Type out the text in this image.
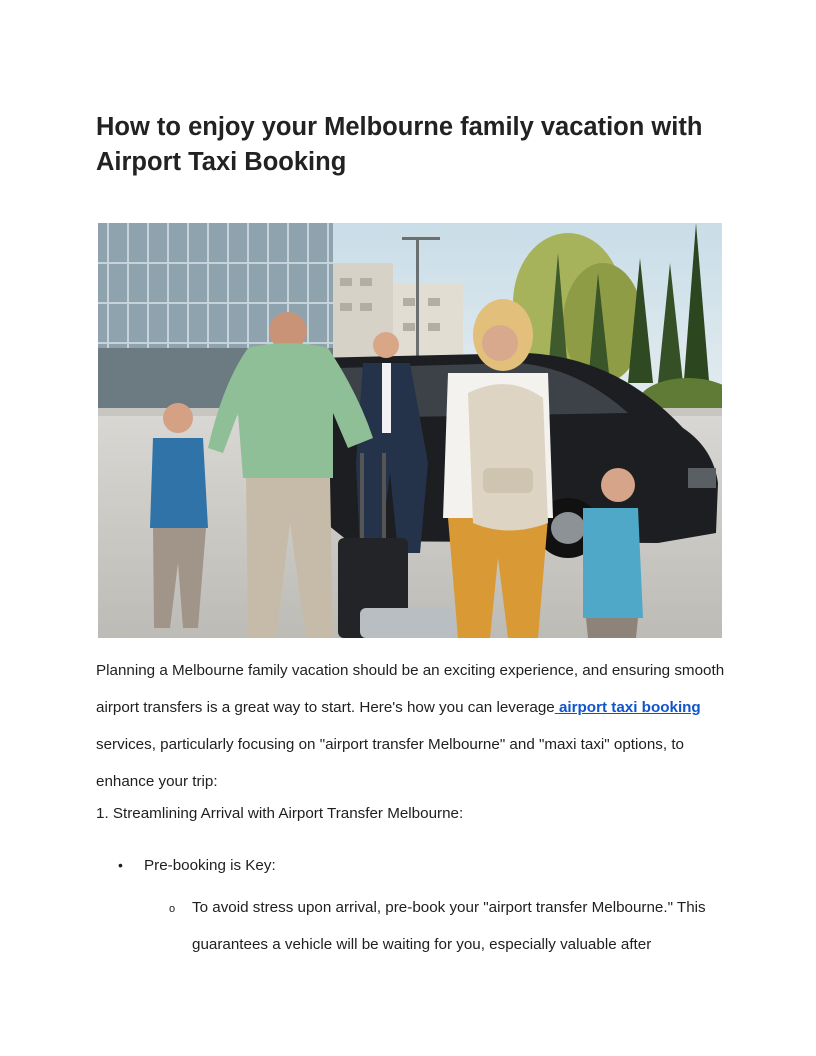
How to enjoy your Melbourne family vacation with Airport Taxi Booking

Planning a Melbourne family vacation should be an exciting experience, and ensuring smooth airport transfers is a great way to start. Here's how you can leverage airport taxi booking services, particularly focusing on "airport transfer Melbourne" and "maxi taxi" options, to enhance your trip:

1. Streamlining Arrival with Airport Transfer Melbourne:

• Pre-booking is Key:
o To avoid stress upon arrival, pre-book your "airport transfer Melbourne." This guarantees a vehicle will be waiting for you, especially valuable after
